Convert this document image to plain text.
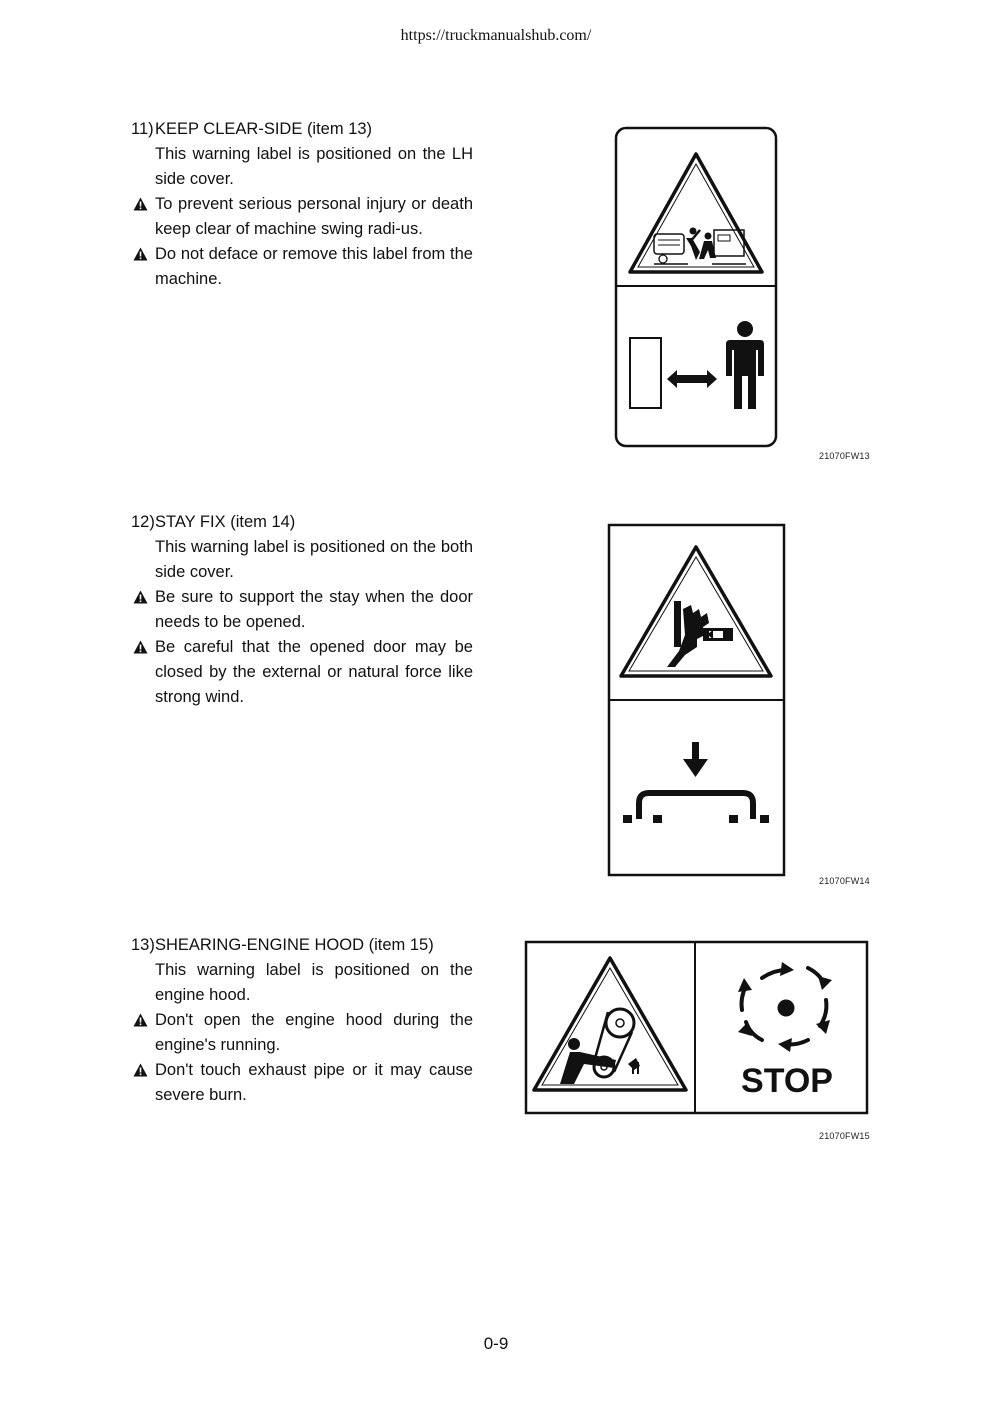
https://truckmanualshub.com/
11)KEEP CLEAR-SIDE (item 13)
This warning label is positioned on the LH side cover.
To prevent serious personal injury or death keep clear of machine swing radi-us.
Do not deface or remove this label from the machine.
21070FW13
12)STAY FIX (item 14)
This warning label is positioned on the both side cover.
Be sure to support the stay when the door needs to be opened.
Be careful that the opened door may be closed by the external or natural force like strong wind.
21070FW14
13)SHEARING-ENGINE HOOD (item 15)
This warning label is positioned on the engine hood.
Don't open the engine hood during the engine's running.
Don't touch exhaust pipe or it may cause severe burn.	STOP
21070FW15
0-9
